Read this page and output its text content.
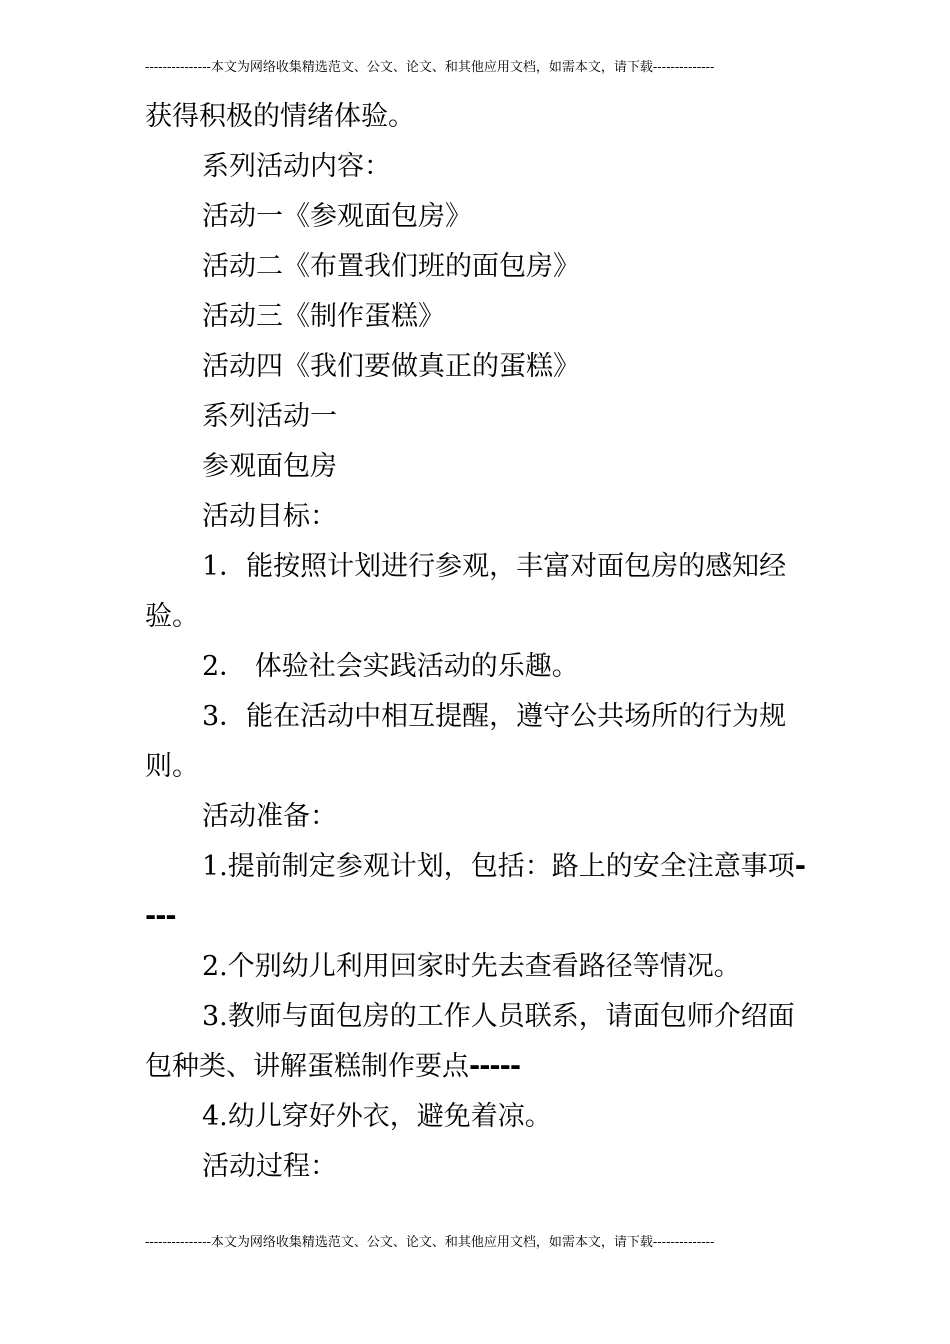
---------------本文为网络收集精选范文、公文、论文、和其他应用文档，如需本文，请下载--------------

获得积极的情绪体验。

系列活动内容：

活动一《参观面包房》

活动二《布置我们班的面包房》

活动三《制作蛋糕》

活动四《我们要做真正的蛋糕》

系列活动一

参观面包房

活动目标：

1．能按照计划进行参观，丰富对面包房的感知经验。

2． 体验社会实践活动的乐趣。

3．能在活动中相互提醒，遵守公共场所的行为规则。

活动准备：

1.提前制定参观计划，包括：路上的安全注意事项----

2.个别幼儿利用回家时先去查看路径等情况。

3.教师与面包房的工作人员联系，请面包师介绍面包种类、讲解蛋糕制作要点-----

4.幼儿穿好外衣，避免着凉。

活动过程：

---------------本文为网络收集精选范文、公文、论文、和其他应用文档，如需本文，请下载--------------
